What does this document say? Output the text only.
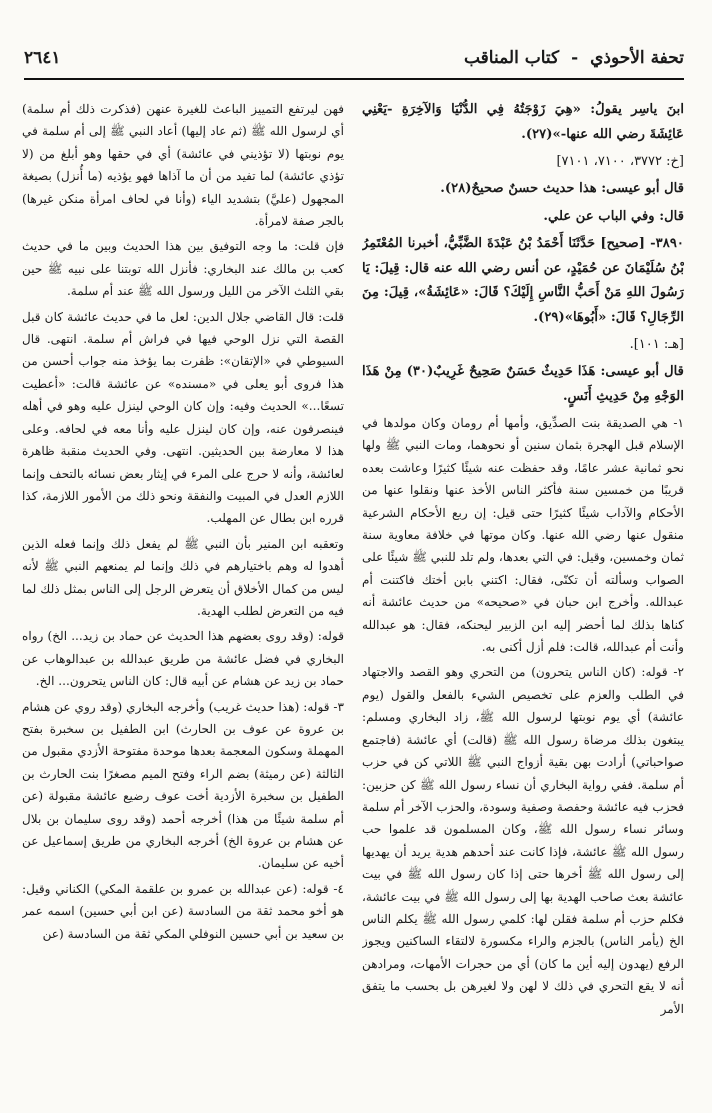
تحفة الأحوذي - كتاب المناقب
٢٦٤١

ابنَ ياسِر يقولُ: «هِيَ زَوْجَتُهُ فِي الدُّنْيَا وَالآخِرَةِ -يَعْنِي عَائِشَةَ رضي الله عنها-»(٢٧).

[خ: ٣٧٧٢، ٧١٠٠، ٧١٠١]

قال أبو عيسى: هذا حديث حسنٌ صحيحٌ(٢٨).

قال: وفي الباب عن علي.

٣٨٩٠- [صحيح] حَدَّثَنَا أَحْمَدُ بْنُ عَبْدَةَ الضَّبِّيُّ، أخبرنا المُعْتَمِرُ بْنُ سُلَيْمَانَ عن حُمَيْدٍ، عن أنس رضي الله عنه قال: قِيلَ: يَا رَسُولَ اللهِ مَنْ أَحَبُّ النَّاسِ إِلَيْكَ؟ قَالَ: «عَائِشَةُ»، قِيلَ: مِنَ الرِّجَالِ؟ قَالَ: «أَبُوهَا»(٢٩).

[هـ: ١٠١].

قال أبو عيسى: هَذَا حَدِيثٌ حَسَنٌ صَحِيحٌ غَرِيبٌ(٣٠) مِنْ هَذَا الوَجْهِ مِنْ حَدِيثِ أَنَسٍ.

١- هي الصديقة بنت الصدِّيق، وأمها أم رومان وكان مولدها في الإسلام قبل الهجرة بثمان سنين أو نحوهما، ومات النبي ﷺ ولها نحو ثمانية عشر عامًا، وقد حفظت عنه شيئًا كثيرًا وعاشت بعده قريبًا من خمسين سنة فأكثر الناس الأخذ عنها ونقلوا عنها من الأحكام والآداب شيئًا كثيرًا حتى قيل: إن ربع الأحكام الشرعية منقول عنها رضي الله عنها. وكان موتها في خلافة معاوية سنة ثمان وخمسين، وقيل: في التي بعدها، ولم تلد للنبي ﷺ شيئًا على الصواب وسألته أن تكنّى، فقال: اكتني بابن أختك فاكتنت أم عبدالله. وأخرج ابن حبان في «صحيحه» من حديث عائشة أنه كناها بذلك لما أحضر إليه ابن الزبير ليحنكه، فقال: هو عبدالله وأنت أم عبدالله، قالت: فلم أزل أكنى به.

٢- قوله: (كان الناس يتحرون) من التحري وهو القصد والاجتهاد في الطلب والعزم على تخصيص الشيء بالفعل والقول (يوم عائشة) أي يوم نوبتها لرسول الله ﷺ، زاد البخاري ومسلم: يبتغون بذلك مرضاة رسول الله ﷺ (قالت) أي عائشة (فاجتمع صواحباتي) أرادت بهن بقية أزواج النبي ﷺ اللاتي كن في حزب أم سلمة. ففي رواية البخاري أن نساء رسول الله ﷺ كن حزبين: فحزب فيه عائشة وحفصة وصفية وسودة، والحزب الآخر أم سلمة وسائر نساء رسول الله ﷺ، وكان المسلمون قد علموا حب رسول الله ﷺ عائشة، فإذا كانت عند أحدهم هدية يريد أن يهديها إلى رسول الله ﷺ أخرها حتى إذا كان رسول الله ﷺ في بيت عائشة بعث صاحب الهدية بها إلى رسول الله ﷺ في بيت عائشة، فكلم حزب أم سلمة فقلن لها: كلمي رسول الله ﷺ يكلم الناس الخ (يأمر الناس) بالجزم والراء مكسورة لالتقاء الساكنين ويجوز الرفع (يهدون إليه أين ما كان) أي من حجرات الأمهات، ومرادهن أنه لا يقع التحري في ذلك لا لهن ولا لغيرهن بل بحسب ما يتفق الأمر

فهن ليرتفع التمييز الباعث للغيرة عنهن (فذكرت ذلك أم سلمة) أي لرسول الله ﷺ (ثم عاد إليها) أعاد النبي ﷺ إلى أم سلمة في يوم نوبتها (لا تؤذيني في عائشة) أي في حقها وهو أبلغ من (لا تؤذي عائشة) لما تفيد من أن ما آذاها فهو يؤذيه (ما أُنزل) بصيغة المجهول (عليَّ) بتشديد الياء (وأنا في لحاف امرأة منكن غيرها) بالجر صفة لامرأة.

فإن قلت: ما وجه التوفيق بين هذا الحديث وبين ما في حديث كعب بن مالك عند البخاري: فأنزل الله توبتنا على نبيه ﷺ حين بقي الثلث الآخر من الليل ورسول الله ﷺ عند أم سلمة.

قلت: قال القاضي جلال الدين: لعل ما في حديث عائشة كان قبل القصة التي نزل الوحي فيها في فراش أم سلمة. انتهى. قال السيوطي في «الإتقان»: ظفرت بما يؤخذ منه جواب أحسن من هذا فروى أبو يعلى في «مسنده» عن عائشة قالت: «أعطيت تسعًا...» الحديث وفيه: وإن كان الوحي لينزل عليه وهو في أهله فينصرفون عنه، وإن كان لينزل عليه وأنا معه في لحافه. وعلى هذا لا معارضة بين الحديثين. انتهى. وفي الحديث منقبة ظاهرة لعائشة، وأنه لا حرج على المرء في إيثار بعض نسائه بالتحف وإنما اللازم العدل في المبيت والنفقة ونحو ذلك من الأمور اللازمة، كذا قرره ابن بطال عن المهلب.

وتعقبه ابن المنير بأن النبي ﷺ لم يفعل ذلك وإنما فعله الذين أهدوا له وهم باختيارهم في ذلك وإنما لم يمنعهم النبي ﷺ لأنه ليس من كمال الأخلاق أن يتعرض الرجل إلى الناس بمثل ذلك لما فيه من التعرض لطلب الهدية.

قوله: (وقد روى بعضهم هذا الحديث عن حماد بن زيد... الخ) رواه البخاري في فضل عائشة من طريق عبدالله بن عبدالوهاب عن حماد بن زيد عن هشام عن أبيه قال: كان الناس يتحرون... الخ.

٣- قوله: (هذا حديث غريب) وأخرجه البخاري (وقد روي عن هشام بن عروة عن عوف بن الحارث) ابن الطفيل بن سخبرة بفتح المهملة وسكون المعجمة بعدها موحدة مفتوحة الأزدي مقبول من الثالثة (عن رميثة) بضم الراء وفتح الميم مصغرًا بنت الحارث بن الطفيل بن سخبرة الأزدية أخت عوف رضيع عائشة مقبولة (عن أم سلمة شيئًا من هذا) أخرجه أحمد (وقد روى سليمان بن بلال عن هشام بن عروة الخ) أخرجه البخاري من طريق إسماعيل عن أخيه عن سليمان.

٤- قوله: (عن عبدالله بن عمرو بن علقمة المكي) الكناني وقيل: هو أخو محمد ثقة من السادسة (عن ابن أبي حسين) اسمه عمر بن سعيد بن أبي حسين النوفلي المكي ثقة من السادسة (عن
